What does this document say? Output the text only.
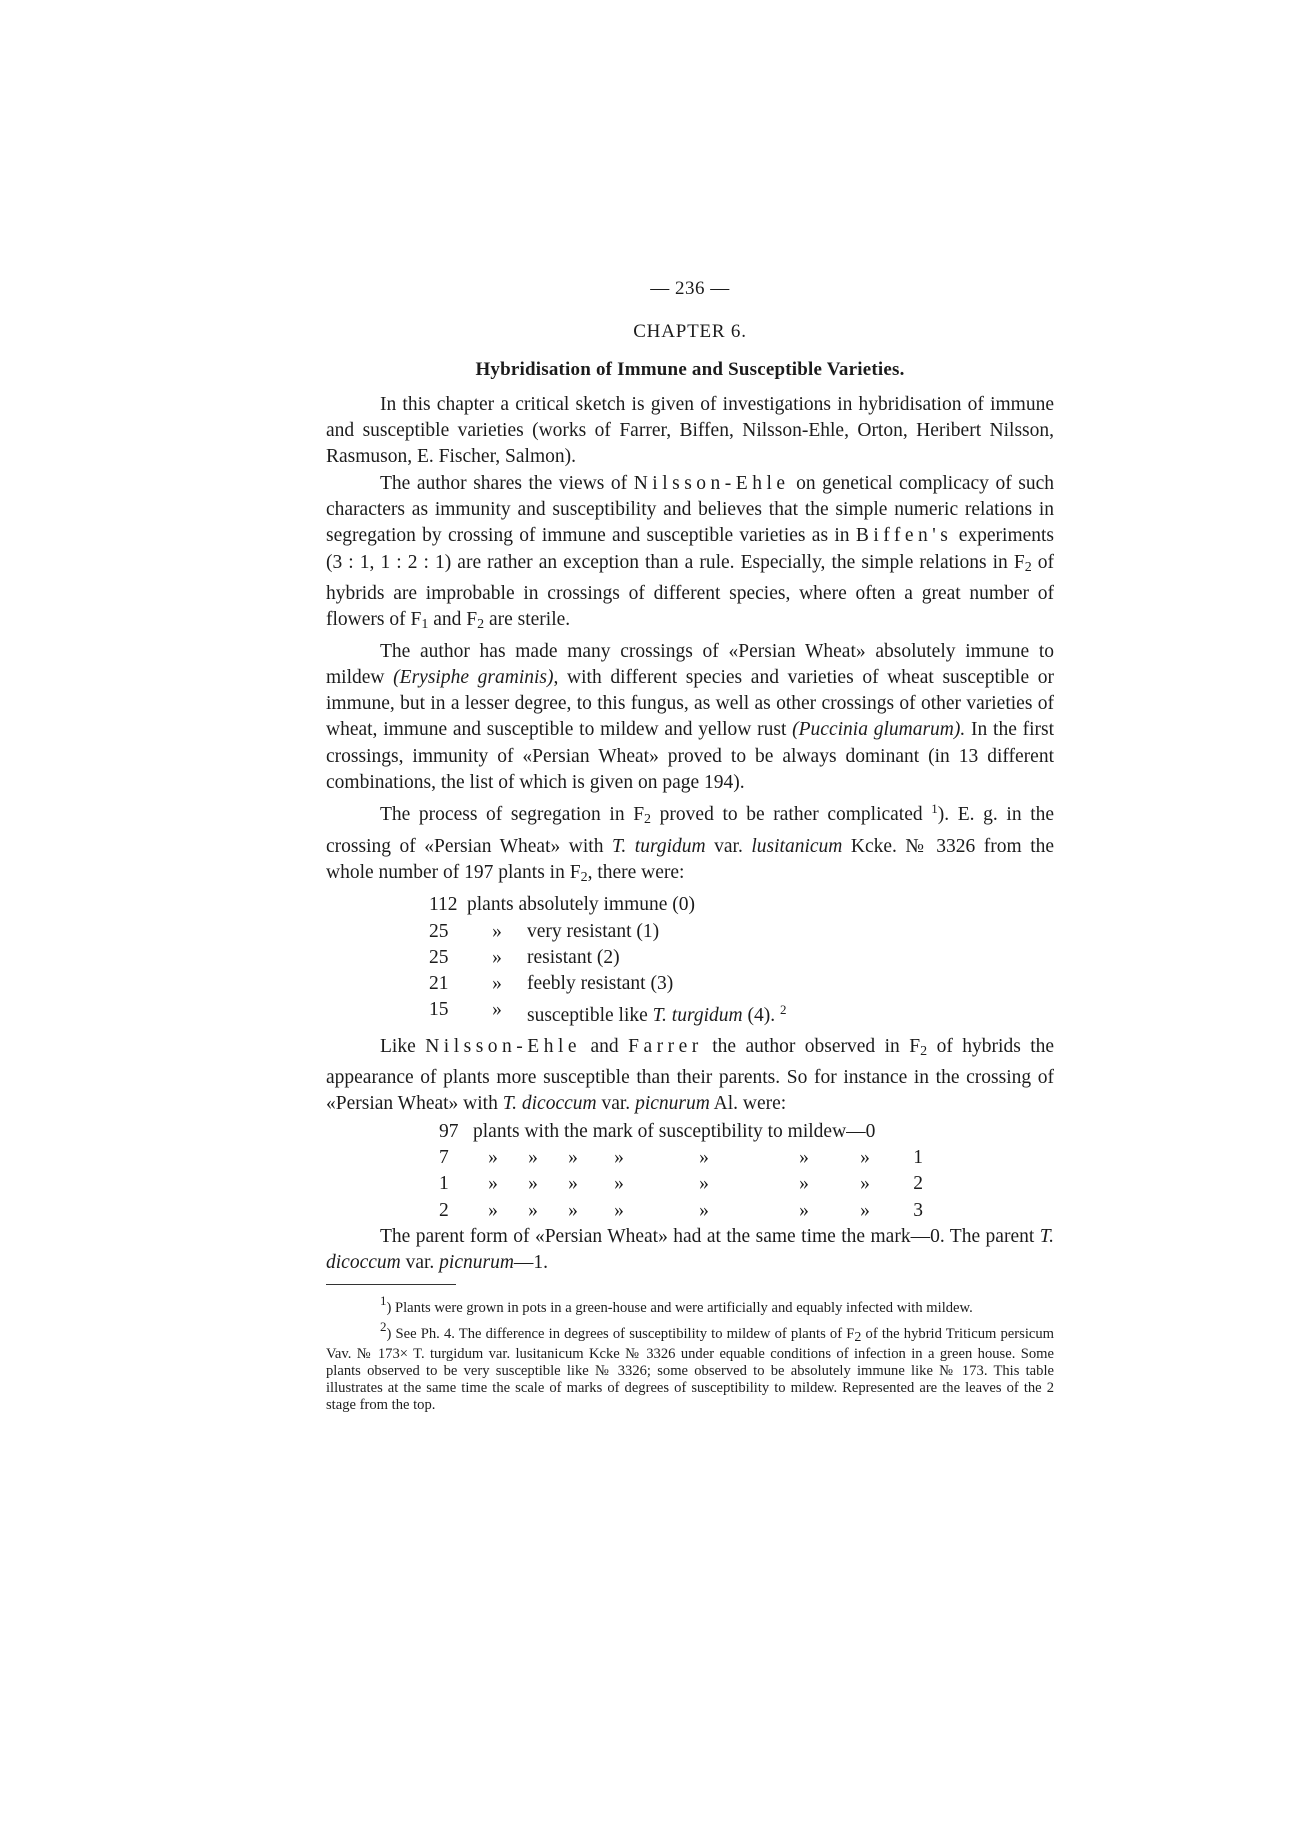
— 236 —
CHAPTER 6.
Hybridisation of Immune and Susceptible Varieties.

In this chapter a critical sketch is given of investigations in hybridisation of immune and susceptible varieties (works of Farrer, Biffen, Nilsson-Ehle, Orton, Heribert Nilsson, Rasmuson, E. Fischer, Salmon).

The author shares the views of Nilsson-Ehle on genetical complicacy of such characters as immunity and susceptibility and believes that the simple numeric relations in segregation by crossing of immune and susceptible varieties as in Biffen's experiments (3 : 1, 1 : 2 : 1) are rather an exception than a rule. Especially, the simple relations in F2 of hybrids are improbable in crossings of different species, where often a great number of flowers of F1 and F2 are sterile.

The author has made many crossings of «Persian Wheat» absolutely immune to mildew (Erysiphe graminis), with different species and varieties of wheat susceptible or immune, but in a lesser degree, to this fungus, as well as other crossings of other varieties of wheat, immune and susceptible to mildew and yellow rust (Puccinia glumarum). In the first crossings, immunity of «Persian Wheat» proved to be always dominant (in 13 different combinations, the list of which is given on page 194).

The process of segregation in F2 proved to be rather complicated $^1$). E. g. in the crossing of «Persian Wheat» with T. turgidum var. lusitanicum Kcke. № 3326 from the whole number of 197 plants in F2, there were:

112	plants absolutely immune (0)	
25	»	very resistant (1)
25	»	resistant (2)
21	»	feebly resistant (3)
15	»	susceptible like T. turgidum (4). $^2$

Like Nilsson-Ehle and Farrer the author observed in F2 of hybrids the appearance of plants more susceptible than their parents. So for instance in the crossing of «Persian Wheat» with T. dicoccum var. picnurum Al. were:

97	plants with the mark of susceptibility to mildew—0							
7	»	»	»	»	»	»	»	1
1	»	»	»	»	»	»	»	2
2	»	»	»	»	»	»	»	3

The parent form of «Persian Wheat» had at the same time the mark—0. The parent T. dicoccum var. picnurum—1.

1) Plants were grown in pots in a green-house and were artificially and equably infected with mildew.

2) See Ph. 4. The difference in degrees of susceptibility to mildew of plants of F2 of the hybrid Triticum persicum Vav. № 173× T. turgidum var. lusitanicum Kcke № 3326 under equable conditions of infection in a green house. Some plants observed to be very susceptible like № 3326; some observed to be absolutely immune like № 173. This table illustrates at the same time the scale of marks of degrees of susceptibility to mildew. Represented are the leaves of the 2 stage from the top.
